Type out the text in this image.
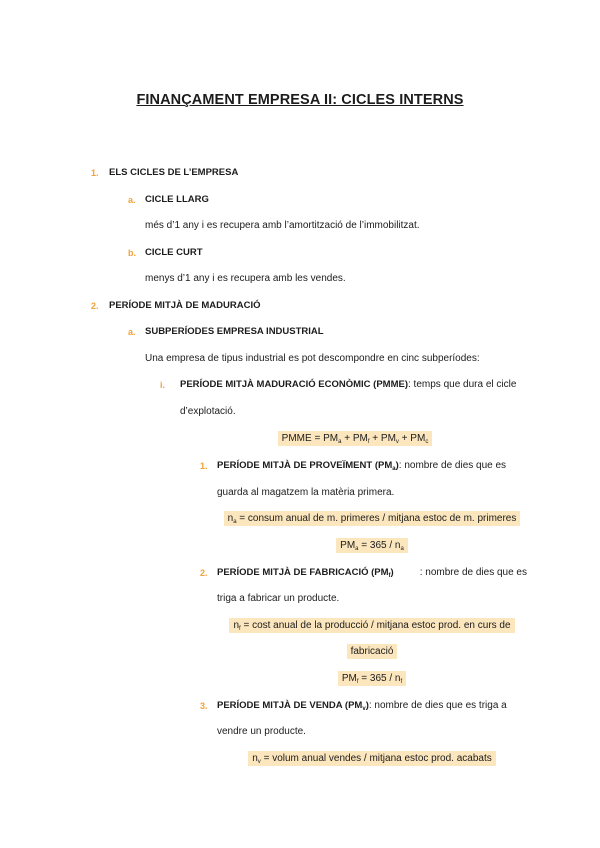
FINANÇAMENT EMPRESA II: CICLES INTERNS
1. ELS CICLES DE L’EMPRESA
a. CICLE LLARG
més d’1 any i es recupera amb l’amortització de l’immobilitzat.
b. CICLE CURT
menys d’1 any i es recupera amb les vendes.
2. PERÍODE MITJÀ DE MADURACIÓ
a. SUBPERÍODES EMPRESA INDUSTRIAL
Una empresa de tipus industrial es pot descompondre en cinc subperíodes:
i. PERÍODE MITJÀ MADURACIÓ ECONÒMIC (PMME): temps que dura el cicle
d’explotació.
PMME = $PM_a + PM_f + PM_v + PM_c$
1. PERÍODE MITJÀ DE PROVEÏMENT $(PM_a)$: nombre de dies que es
guarda al magatzem la matèria primera.
$n_a$ = consum anual de m. primeres / mitjana estoc de m. primeres
$PM_a = 365 / n_a$
2. PERÍODE MITJÀ DE FABRICACIÓ $(PM_f)$	: nombre de dies que es
triga a fabricar un producte.
$n_f = \cos t$ anual de la producció / mitjana estoc prod. en curs de
fabricació
$PM_f = 365 / n_f$
3. PERÍODE MITJÀ DE VENDA $(PM_v)$: nombre de dies que es triga a
vendre un producte.
$n_v$ = volum anual vendes / mitjana estoc prod. acabats
